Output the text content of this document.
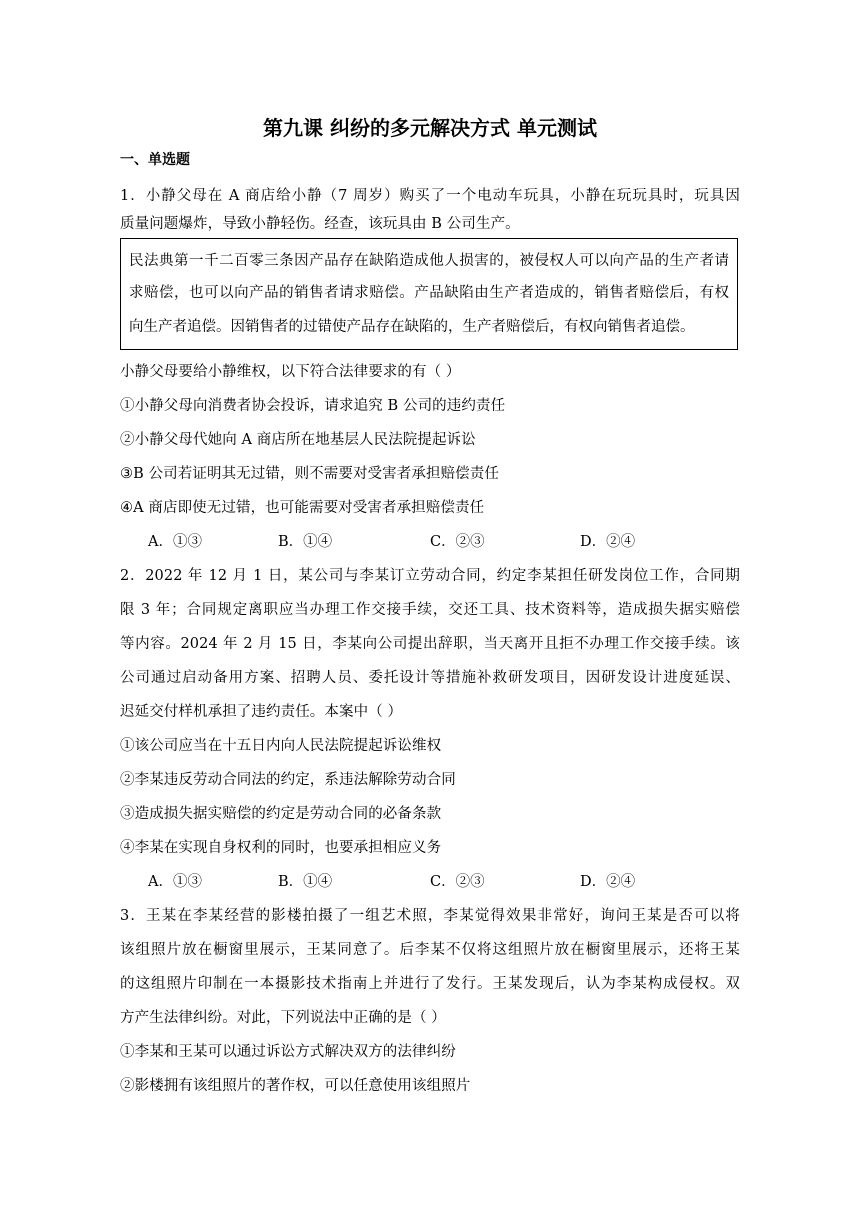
第九课 纠纷的多元解决方式 单元测试
一、单选题
1．小静父母在 A 商店给小静（7 周岁）购买了一个电动车玩具，小静在玩玩具时，玩具因
质量问题爆炸，导致小静轻伤。经查，该玩具由 B 公司生产。
民法典第一千二百零三条因产品存在缺陷造成他人损害的，被侵权人可以向产品的生产者请
求赔偿，也可以向产品的销售者请求赔偿。产品缺陷由生产者造成的，销售者赔偿后，有权
向生产者追偿。因销售者的过错使产品存在缺陷的，生产者赔偿后，有权向销售者追偿。
小静父母要给小静维权，以下符合法律要求的有（ ）
①小静父母向消费者协会投诉，请求追究 B 公司的违约责任
②小静父母代她向 A 商店所在地基层人民法院提起诉讼
③B 公司若证明其无过错，则不需要对受害者承担赔偿责任
④A 商店即使无过错，也可能需要对受害者承担赔偿责任
A．①③	B．①④	C．②③	D．②④
2．2022 年 12 月 1 日，某公司与李某订立劳动合同，约定李某担任研发岗位工作，合同期
限 3 年；合同规定离职应当办理工作交接手续，交还工具、技术资料等，造成损失据实赔偿
等内容。2024 年 2 月 15 日，李某向公司提出辞职，当天离开且拒不办理工作交接手续。该
公司通过启动备用方案、招聘人员、委托设计等措施补救研发项目，因研发设计进度延误、
迟延交付样机承担了违约责任。本案中（ ）
①该公司应当在十五日内向人民法院提起诉讼维权
②李某违反劳动合同法的约定，系违法解除劳动合同
③造成损失据实赔偿的约定是劳动合同的必备条款
④李某在实现自身权利的同时，也要承担相应义务
A．①③	B．①④	C．②③	D．②④
3．王某在李某经营的影楼拍摄了一组艺术照，李某觉得效果非常好，询问王某是否可以将
该组照片放在橱窗里展示，王某同意了。后李某不仅将这组照片放在橱窗里展示，还将王某
的这组照片印制在一本摄影技术指南上并进行了发行。王某发现后，认为李某构成侵权。双
方产生法律纠纷。对此，下列说法中正确的是（ ）
①李某和王某可以通过诉讼方式解决双方的法律纠纷
②影楼拥有该组照片的著作权，可以任意使用该组照片
